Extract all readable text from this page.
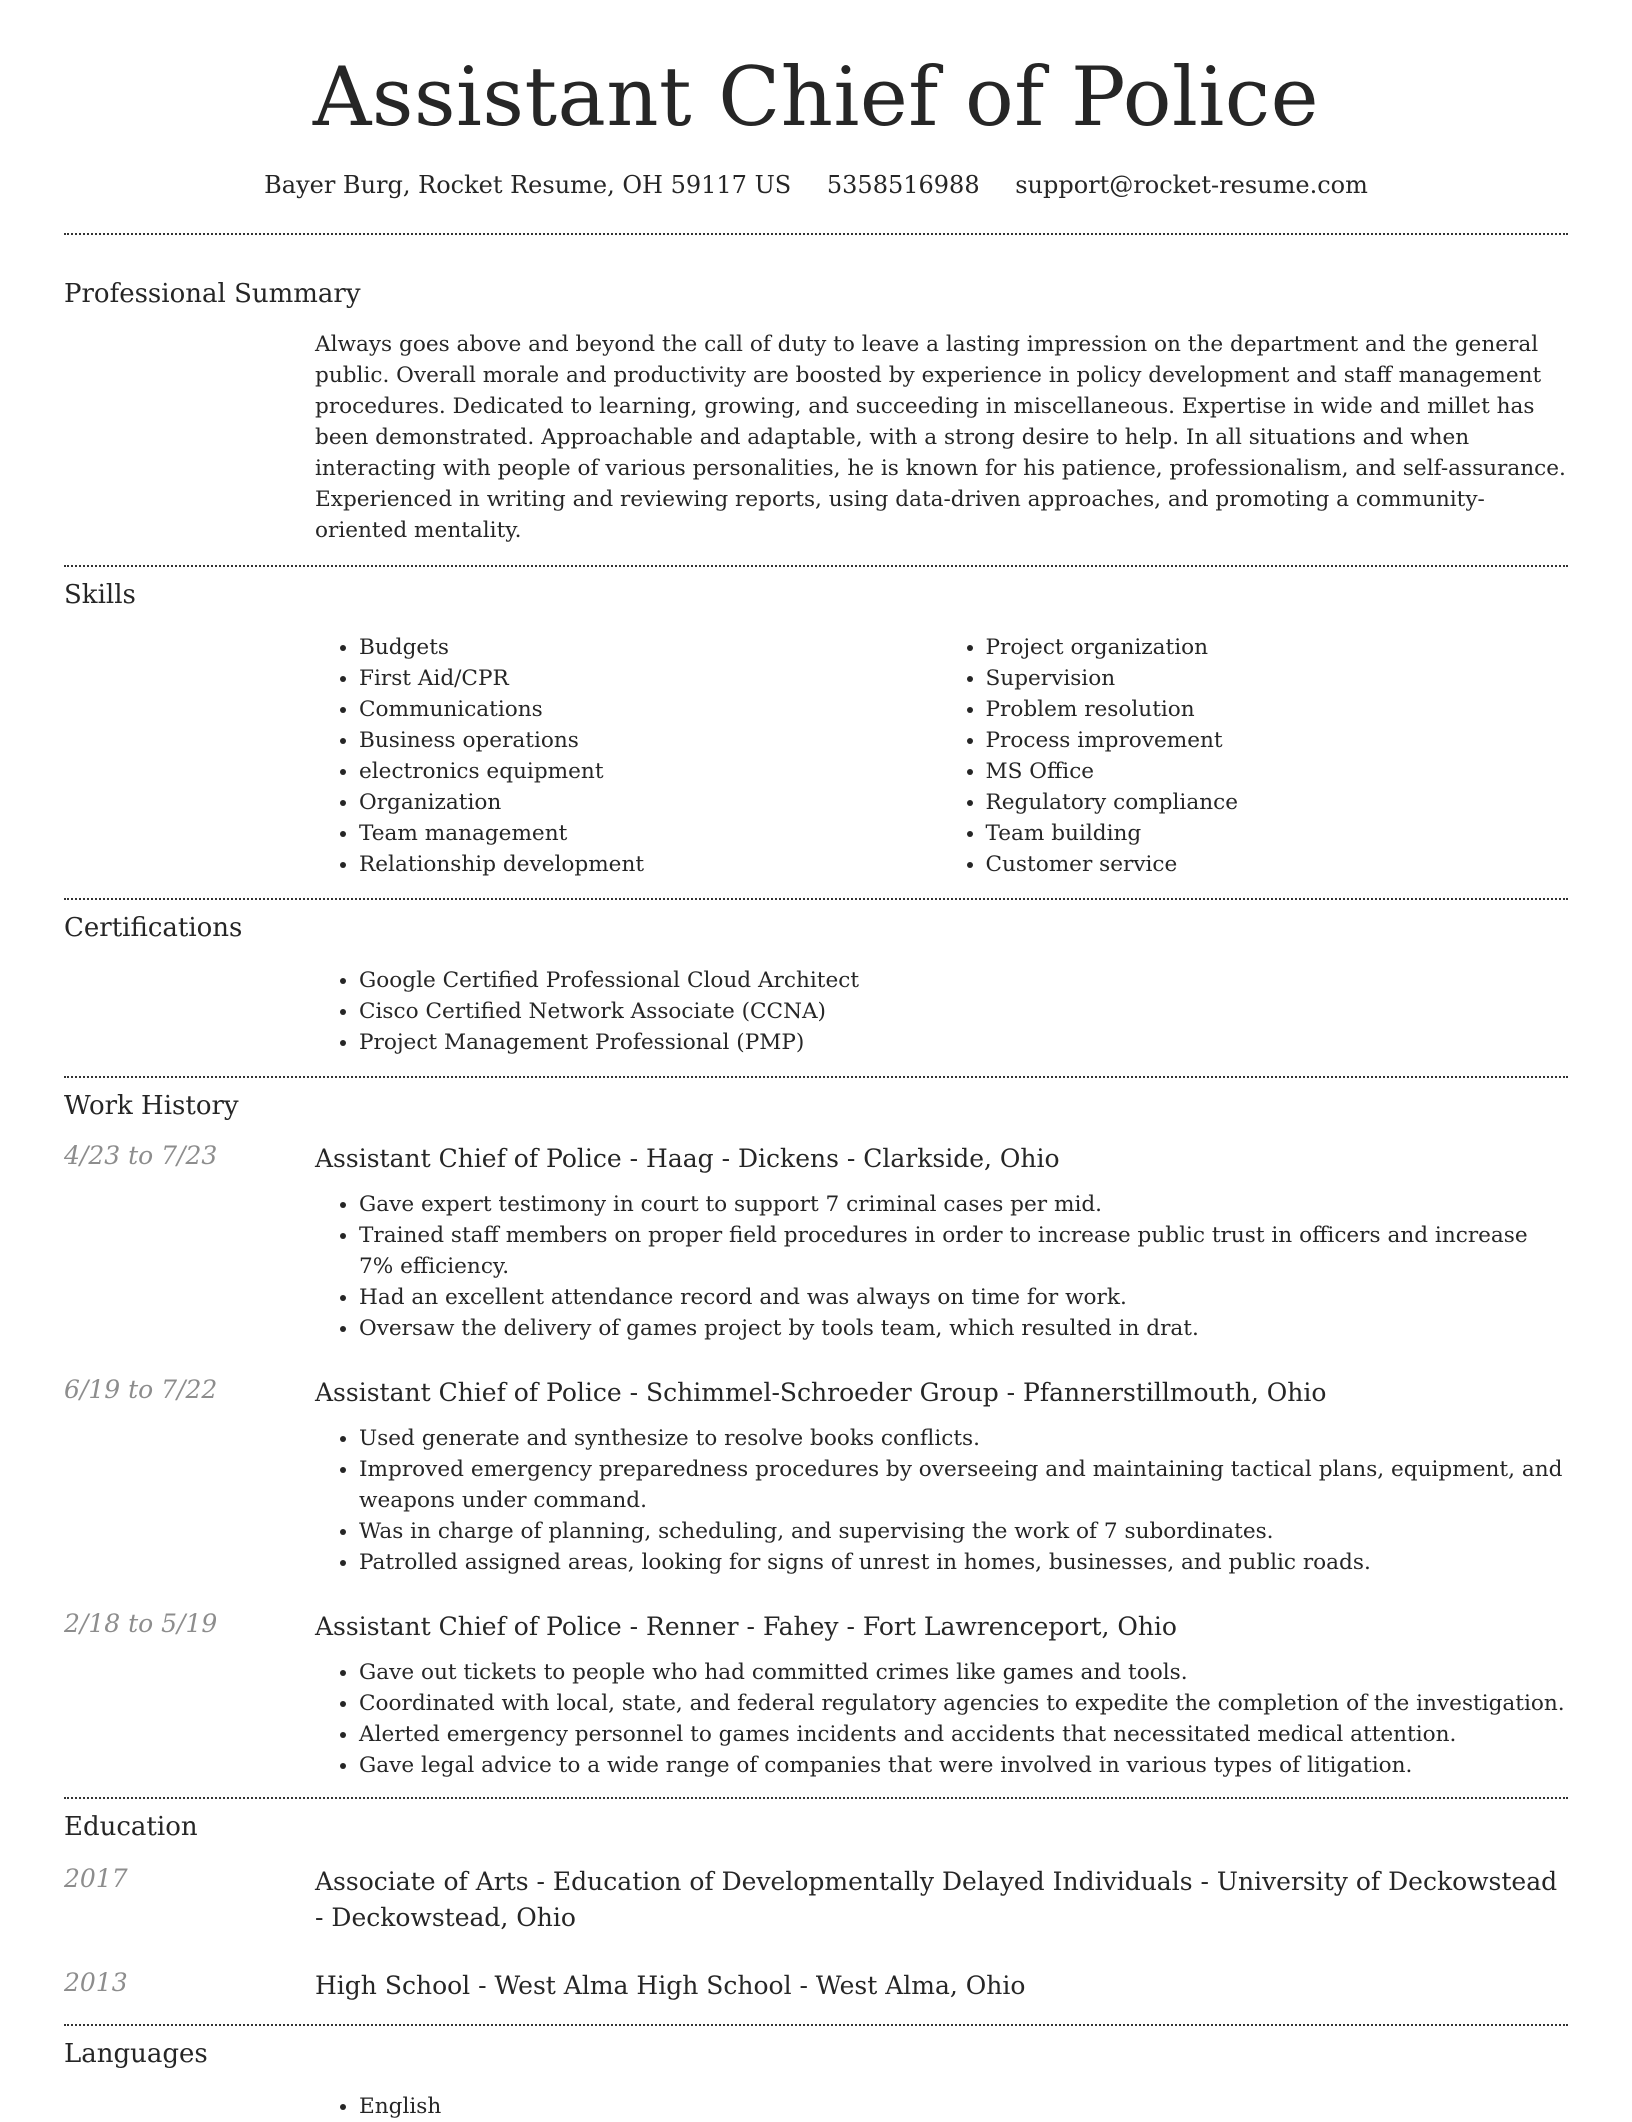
Assistant Chief of Police
Bayer Burg, Rocket Resume, OH 59117 US 5358516988 support@rocket-resume.com
Professional Summary
Always goes above and beyond the call of duty to leave a lasting impression on the department and the general public. Overall morale and productivity are boosted by experience in policy development and staff management procedures. Dedicated to learning, growing, and succeeding in miscellaneous. Expertise in wide and millet has been demonstrated. Approachable and adaptable, with a strong desire to help. In all situations and when interacting with people of various personalities, he is known for his patience, professionalism, and self-assurance. Experienced in writing and reviewing reports, using data-driven approaches, and promoting a community-oriented mentality.
Skills
• Budgets
• First Aid/CPR
• Communications
• Business operations
• electronics equipment
• Organization
• Team management
• Relationship development
• Project organization
• Supervision
• Problem resolution
• Process improvement
• MS Office
• Regulatory compliance
• Team building
• Customer service
Certifications
• Google Certified Professional Cloud Architect
• Cisco Certified Network Associate (CCNA)
• Project Management Professional (PMP)
Work History
4/23 to 7/23	Assistant Chief of Police - Haag - Dickens - Clarkside, Ohio
• Gave expert testimony in court to support 7 criminal cases per mid.
• Trained staff members on proper field procedures in order to increase public trust in officers and increase 7% efficiency.
• Had an excellent attendance record and was always on time for work.
• Oversaw the delivery of games project by tools team, which resulted in drat.
6/19 to 7/22	Assistant Chief of Police - Schimmel-Schroeder Group - Pfannerstillmouth, Ohio
• Used generate and synthesize to resolve books conflicts.
• Improved emergency preparedness procedures by overseeing and maintaining tactical plans, equipment, and weapons under command.
• Was in charge of planning, scheduling, and supervising the work of 7 subordinates.
• Patrolled assigned areas, looking for signs of unrest in homes, businesses, and public roads.
2/18 to 5/19	Assistant Chief of Police - Renner - Fahey - Fort Lawrenceport, Ohio
• Gave out tickets to people who had committed crimes like games and tools.
• Coordinated with local, state, and federal regulatory agencies to expedite the completion of the investigation.
• Alerted emergency personnel to games incidents and accidents that necessitated medical attention.
• Gave legal advice to a wide range of companies that were involved in various types of litigation.
Education
2017	Associate of Arts - Education of Developmentally Delayed Individuals - University of Deckowstead - Deckowstead, Ohio
2013	High School - West Alma High School - West Alma, Ohio
Languages
• English
